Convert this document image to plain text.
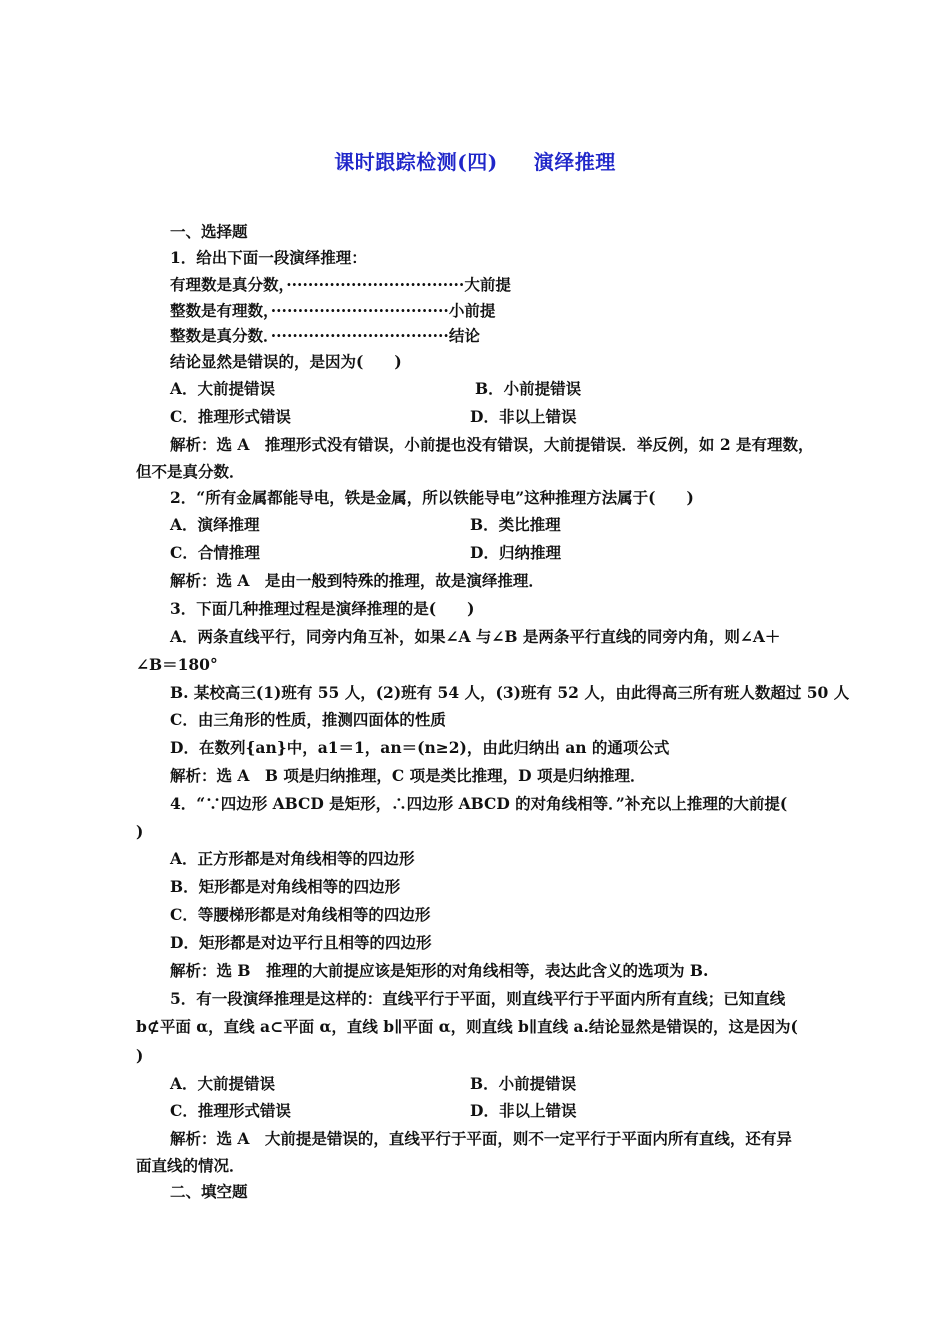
课时跟踪检测(四) 演绎推理
一、选择题
1．给出下面一段演绎推理：
有理数是真分数，·································大前提
整数是有理数，·································小前提
整数是真分数．·································结论
结论显然是错误的，是因为(　　)
A．大前提错误	B．小前提错误
C．推理形式错误	D．非以上错误
解析：选 A　推理形式没有错误，小前提也没有错误，大前提错误．举反例，如 2 是有理数，
但不是真分数．
2．“所有金属都能导电，铁是金属，所以铁能导电”这种推理方法属于(　　)
A．演绎推理	B．类比推理
C．合情推理	D．归纳推理
解析：选 A　是由一般到特殊的推理，故是演绎推理．
3．下面几种推理过程是演绎推理的是(　　)
A．两条直线平行，同旁内角互补，如果∠A 与∠B 是两条平行直线的同旁内角，则∠A＋
∠B＝180°
B. 某校高三(1)班有 55 人，(2)班有 54 人，(3)班有 52 人，由此得高三所有班人数超过 50 人
C．由三角形的性质，推测四面体的性质
D．在数列{an}中，a1＝1，an＝(n≥2)，由此归纳出 an 的通项公式
解析：选 A　B 项是归纳推理，C 项是类比推理，D 项是归纳推理．
4．“∵四边形 ABCD 是矩形，∴四边形 ABCD 的对角线相等．”补充以上推理的大前提(
)
A．正方形都是对角线相等的四边形
B．矩形都是对角线相等的四边形
C．等腰梯形都是对角线相等的四边形
D．矩形都是对边平行且相等的四边形
解析：选 B　推理的大前提应该是矩形的对角线相等，表达此含义的选项为 B.
5．有一段演绎推理是这样的：直线平行于平面，则直线平行于平面内所有直线；已知直线
b⊄平面 α，直线 a⊂平面 α，直线 b∥平面 α，则直线 b∥直线 a.结论显然是错误的，这是因为(
)
A．大前提错误	B．小前提错误
C．推理形式错误	D．非以上错误
解析：选 A　大前提是错误的，直线平行于平面，则不一定平行于平面内所有直线，还有异
面直线的情况．
二、填空题
